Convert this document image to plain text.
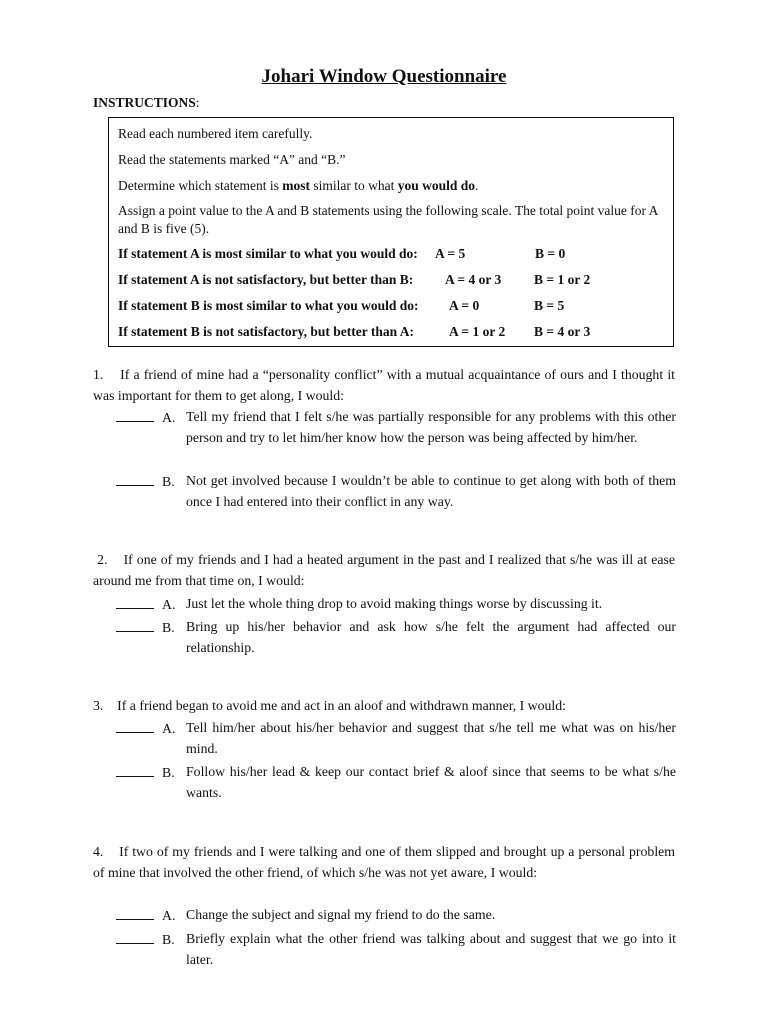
Johari Window Questionnaire
INSTRUCTIONS:

Read each numbered item carefully.

Read the statements marked “A” and “B.”

Determine which statement is most similar to what you would do.

Assign a point value to the A and B statements using the following scale. The total point value for A and B is five (5).

If statement A is most similar to what you would do: A = 5	B = 0
If statement A is not satisfactory, but better than B: A = 4 or 3 B = 1 or 2
If statement B is most similar to what you would do: A = 0	B = 5
If statement B is not satisfactory, but better than A:	A = 1 or 2 B = 4 or 3
1. If a friend of mine had a “personality conflict” with a mutual acquaintance of ours and I thought it was important for them to get along, I would:
A. Tell my friend that I felt s/he was partially responsible for any problems with this other person and try to let him/her know how the person was being affected by him/her.
B. Not get involved because I wouldn’t be able to continue to get along with both of them once I had entered into their conflict in any way.
2. If one of my friends and I had a heated argument in the past and I realized that s/he was ill at ease around me from that time on, I would:
A. Just let the whole thing drop to avoid making things worse by discussing it.
B. Bring up his/her behavior and ask how s/he felt the argument had affected our relationship.
3. If a friend began to avoid me and act in an aloof and withdrawn manner, I would:
A. Tell him/her about his/her behavior and suggest that s/he tell me what was on his/her mind.
B. Follow his/her lead & keep our contact brief & aloof since that seems to be what s/he wants.
4. If two of my friends and I were talking and one of them slipped and brought up a personal problem of mine that involved the other friend, of which s/he was not yet aware, I would:
A. Change the subject and signal my friend to do the same.
B. Briefly explain what the other friend was talking about and suggest that we go into it later.
